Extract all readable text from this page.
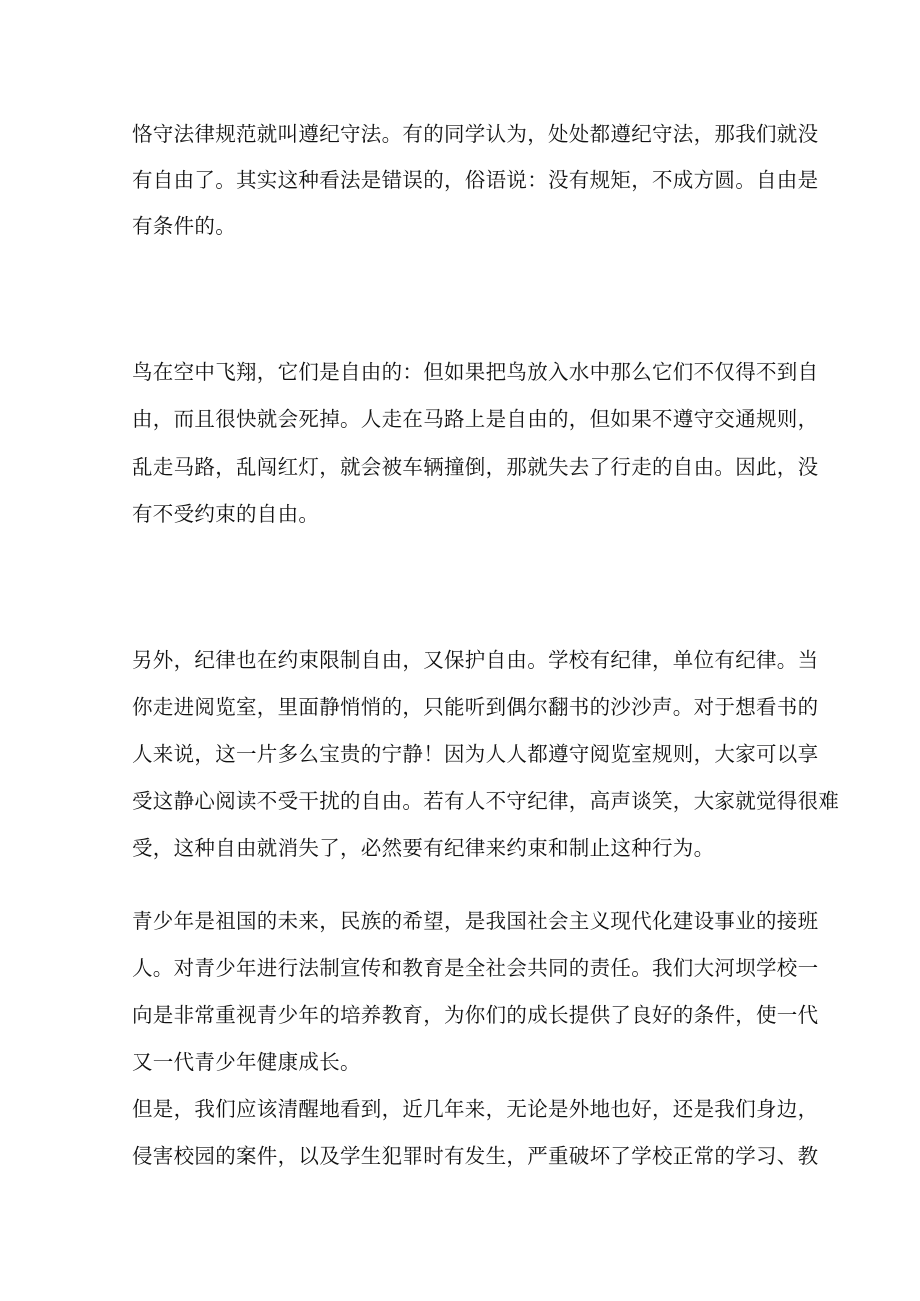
恪守法律规范就叫遵纪守法。有的同学认为，处处都遵纪守法，那我们就没

有自由了。其实这种看法是错误的，俗语说：没有规矩，不成方圆。自由是

有条件的。

鸟在空中飞翔，它们是自由的：但如果把鸟放入水中那么它们不仅得不到自

由，而且很快就会死掉。人走在马路上是自由的，但如果不遵守交通规则，

乱走马路，乱闯红灯，就会被车辆撞倒，那就失去了行走的自由。因此，没

有不受约束的自由。

另外，纪律也在约束限制自由，又保护自由。学校有纪律，单位有纪律。当

你走进阅览室，里面静悄悄的，只能听到偶尔翻书的沙沙声。对于想看书的

人来说，这一片多么宝贵的宁静！因为人人都遵守阅览室规则，大家可以享

受这静心阅读不受干扰的自由。若有人不守纪律，高声谈笑，大家就觉得很难

受，这种自由就消失了，必然要有纪律来约束和制止这种行为。

青少年是祖国的未来，民族的希望，是我国社会主义现代化建设事业的接班

人。对青少年进行法制宣传和教育是全社会共同的责任。我们大河坝学校一

向是非常重视青少年的培养教育，为你们的成长提供了良好的条件，使一代

又一代青少年健康成长。

但是，我们应该清醒地看到，近几年来，无论是外地也好，还是我们身边，

侵害校园的案件，以及学生犯罪时有发生，严重破坏了学校正常的学习、教
